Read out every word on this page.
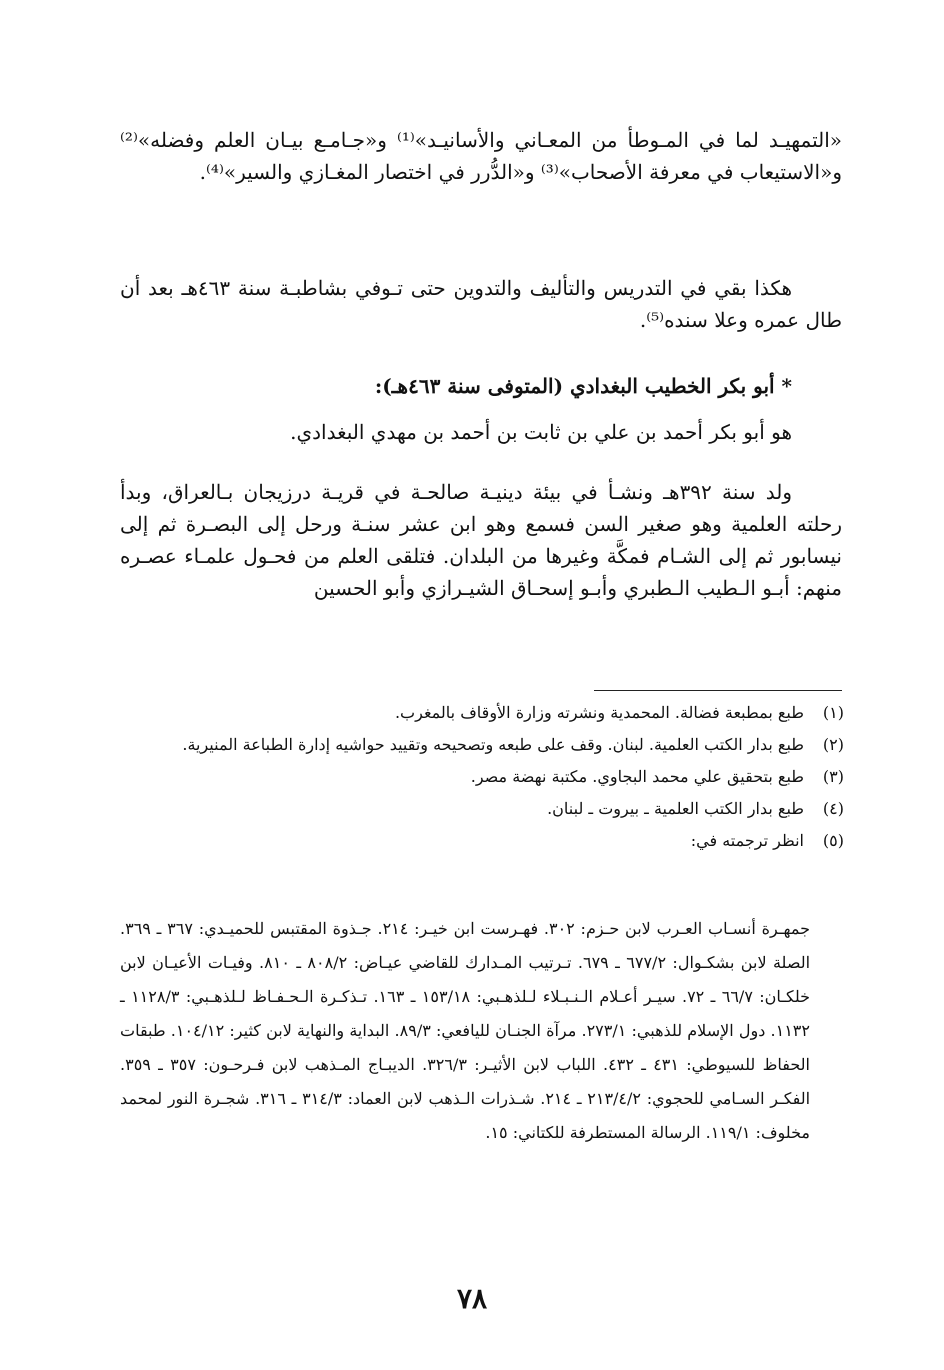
«التمهيـد لما في المـوطأ من المعـاني والأسانيـد»⁽¹⁾ و«جـامـع بيـان العلم وفضله»⁽²⁾ و«الاستيعاب في معرفة الأصحاب»⁽³⁾ و«الدُّرر في اختصار المغـازي والسير»⁽⁴⁾.

هكذا بقي في التدريس والتأليف والتدوين حتى تـوفي بشاطبـة سنة ٤٦٣هـ بعد أن طال عمره وعلا سنده⁽⁵⁾.

* أبو بكر الخطيب البغدادي (المتوفى سنة ٤٦٣هـ):

هو أبو بكر أحمد بن علي بن ثابت بن أحمد بن مهدي البغدادي.

ولد سنة ٣٩٢هـ ونشـأ في بيئة دينيـة صالحـة في قريـة درزيجان بـالعراق، وبدأ رحلته العلمية وهو صغير السن فسمع وهو ابن عشر سنـة ورحل إلى البصـرة ثم إلى نيسابور ثم إلى الشـام فمكَّة وغيرها من البلدان. فتلقى العلم من فحـول علمـاء عصـره منهم: أبـو الـطيب الـطبري وأبـو إسحـاق الشيـرازي وأبو الحسين

(١)
طبع بمطبعة فضالة. المحمدية ونشرته وزارة الأوقاف بالمغرب.
(٢)
طبع بدار الكتب العلمية. لبنان. وقف على طبعه وتصحيحه وتقييد حواشيه إدارة الطباعة المنيرية.
(٣)
طبع بتحقيق علي محمد البجاوي. مكتبة نهضة مصر.
(٤)
طبع بدار الكتب العلمية ـ بيروت ـ لبنان.
(٥)
انظر ترجمته في:

جمهـرة أنسـاب العـرب لابن حـزم: ٣٠٢. فهـرست ابن خيـر: ٢١٤. جـذوة المقتبس للحميـدي: ٣٦٧ ـ ٣٦٩. الصلة لابن بشكـوال: ٦٧٧/٢ ـ ٦٧٩. تـرتيب المـدارك للقاضي عيـاض: ٨٠٨/٢ ـ ٨١٠. وفيـات الأعيـان لابن خلكـان: ٦٦/٧ ـ ٧٢. سيـر أعـلام الـنـبـلاء لـلذهـبي: ١٥٣/١٨ ـ ١٦٣. تـذكـرة الـحـفـاظ لـلذهـبي: ١١٢٨/٣ ـ ١١٣٢. دول الإسلام للذهبي: ٢٧٣/١. مرآة الجنـان لليافعي: ٨٩/٣. البداية والنهاية لابن كثير: ١٠٤/١٢. طبقات الحفاظ للسيوطي: ٤٣١ ـ ٤٣٢. اللباب لابن الأثيـر: ٣٢٦/٣. الديبـاج المـذهب لابن فـرحـون: ٣٥٧ ـ ٣٥٩. الفكـر السـامي للحجوي: ٢١٣/٤/٢ ـ ٢١٤. شـذرات الـذهب لابن العماد: ٣١٤/٣ ـ ٣١٦. شجـرة النور لمحمد مخلوف: ١١٩/١. الرسالة المستطرفة للكتاني: ١٥.

٧٨
